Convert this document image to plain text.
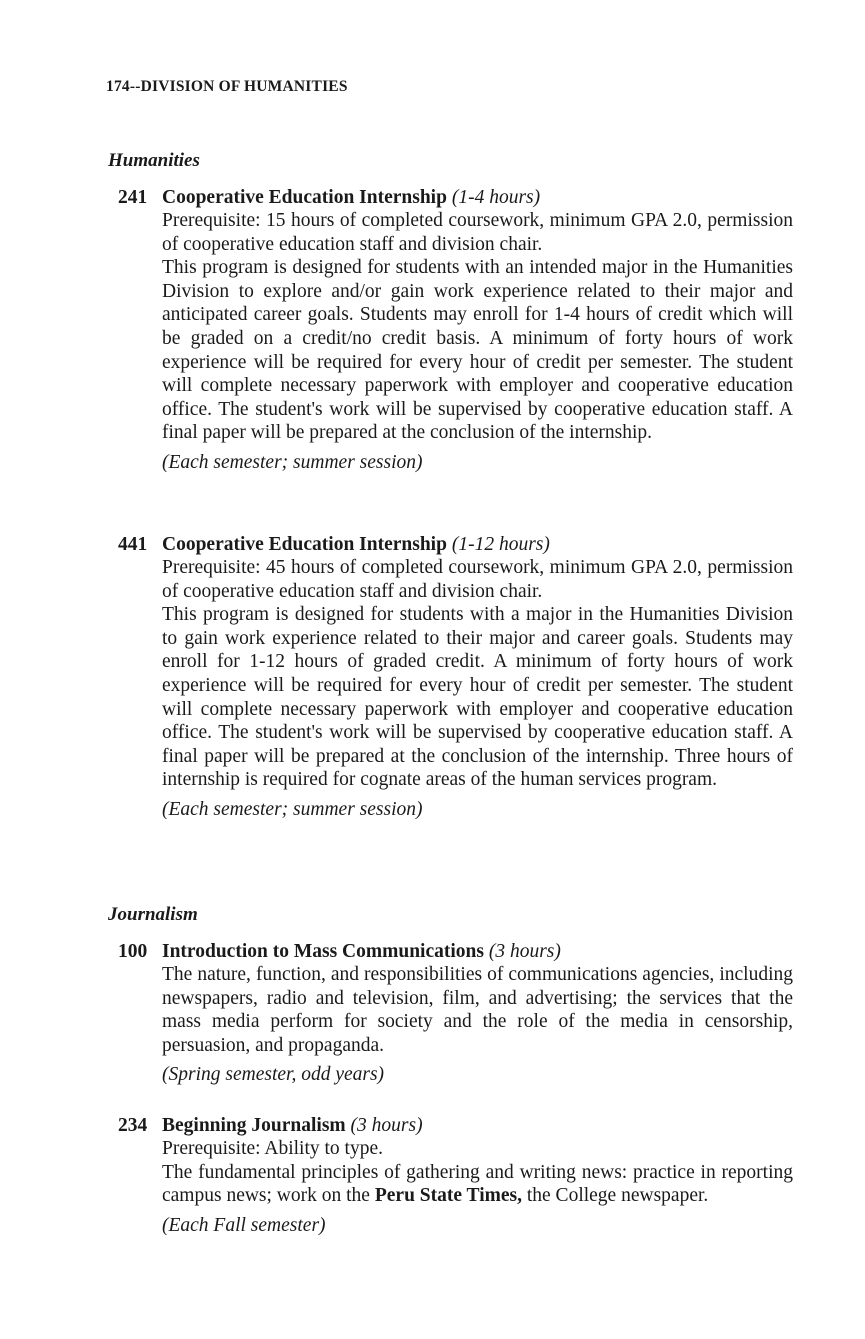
174--DIVISION OF HUMANITIES
Humanities
241 Cooperative Education Internship (1-4 hours)

Prerequisite: 15 hours of completed coursework, minimum GPA 2.0, permission of cooperative education staff and division chair.

This program is designed for students with an intended major in the Humanities Division to explore and/or gain work experience related to their major and anticipated career goals. Students may enroll for 1-4 hours of credit which will be graded on a credit/no credit basis. A minimum of forty hours of work experience will be required for every hour of credit per semester. The student will complete necessary paperwork with employer and cooperative education office. The student's work will be supervised by cooperative education staff. A final paper will be prepared at the conclusion of the internship.

(Each semester; summer session)

441 Cooperative Education Internship (1-12 hours)

Prerequisite: 45 hours of completed coursework, minimum GPA 2.0, permission of cooperative education staff and division chair.

This program is designed for students with a major in the Humanities Division to gain work experience related to their major and career goals. Students may enroll for 1-12 hours of graded credit. A minimum of forty hours of work experience will be required for every hour of credit per semester. The student will complete necessary paperwork with employer and cooperative education office. The student's work will be supervised by cooperative education staff. A final paper will be prepared at the conclusion of the internship. Three hours of internship is required for cognate areas of the human services program.

(Each semester; summer session)

Journalism
100 Introduction to Mass Communications (3 hours)

The nature, function, and responsibilities of communications agencies, including newspapers, radio and television, film, and advertising; the services that the mass media perform for society and the role of the media in censorship, persuasion, and propaganda.

(Spring semester, odd years)

234 Beginning Journalism (3 hours)

Prerequisite: Ability to type.

The fundamental principles of gathering and writing news: practice in reporting campus news; work on the Peru State Times, the College newspaper.

(Each Fall semester)
